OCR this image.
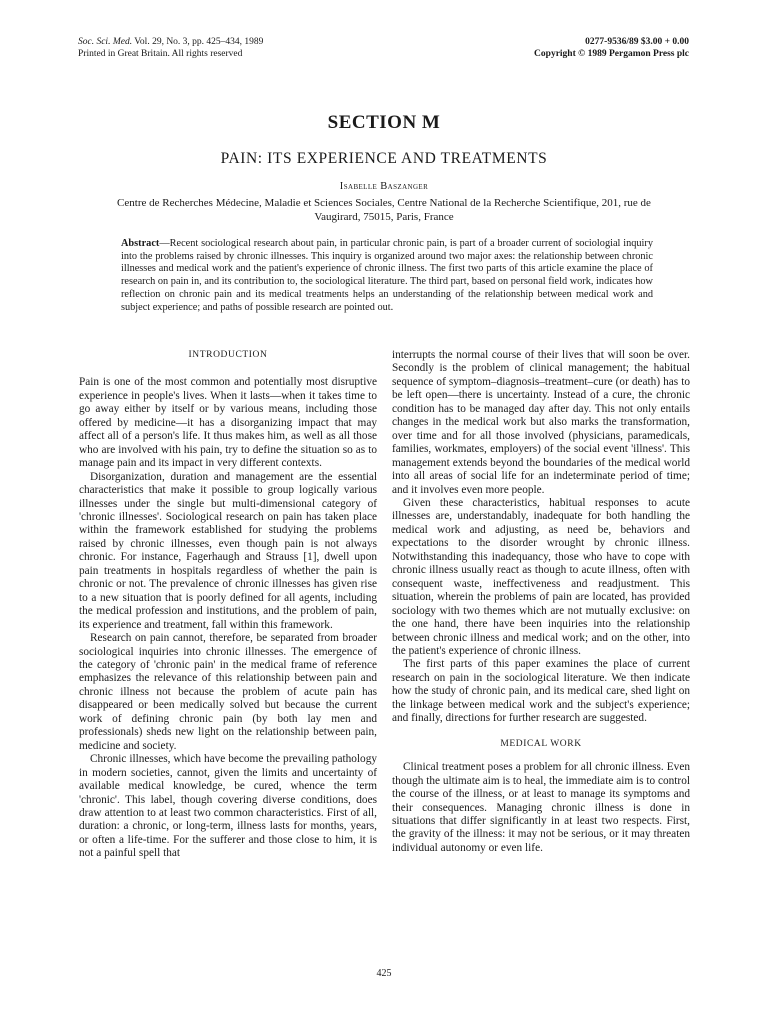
Soc. Sci. Med. Vol. 29, No. 3, pp. 425–434, 1989
Printed in Great Britain. All rights reserved
0277-9536/89 $3.00 + 0.00
Copyright © 1989 Pergamon Press plc
SECTION M
PAIN: ITS EXPERIENCE AND TREATMENTS
Isabelle Baszanger
Centre de Recherches Médecine, Maladie et Sciences Sociales, Centre National de la Recherche Scientifique, 201, rue de Vaugirard, 75015, Paris, France
Abstract—Recent sociological research about pain, in particular chronic pain, is part of a broader current of sociologial inquiry into the problems raised by chronic illnesses. This inquiry is organized around two major axes: the relationship between chronic illnesses and medical work and the patient's experience of chronic illness. The first two parts of this article examine the place of research on pain in, and its contribution to, the sociological literature. The third part, based on personal field work, indicates how reflection on chronic pain and its medical treatments helps an understanding of the relationship between medical work and subject experience; and paths of possible research are pointed out.
INTRODUCTION

Pain is one of the most common and potentially most disruptive experience in people's lives. When it lasts—when it takes time to go away either by itself or by various means, including those offered by medicine—it has a disorganizing impact that may affect all of a person's life. It thus makes him, as well as all those who are involved with his pain, try to define the situation so as to manage pain and its impact in very different contexts.

Disorganization, duration and management are the essential characteristics that make it possible to group logically various illnesses under the single but multi-dimensional category of 'chronic illnesses'. Sociological research on pain has taken place within the framework established for studying the problems raised by chronic illnesses, even though pain is not always chronic. For instance, Fagerhaugh and Strauss [1], dwell upon pain treatments in hospitals regardless of whether the pain is chronic or not. The prevalence of chronic illnesses has given rise to a new situation that is poorly defined for all agents, including the medical profession and institutions, and the problem of pain, its experience and treatment, fall within this framework.

Research on pain cannot, therefore, be separated from broader sociological inquiries into chronic illnesses. The emergence of the category of 'chronic pain' in the medical frame of reference emphasizes the relevance of this relationship between pain and chronic illness not because the problem of acute pain has disappeared or been medically solved but because the current work of defining chronic pain (by both lay men and professionals) sheds new light on the relationship between pain, medicine and society.

Chronic illnesses, which have become the prevailing pathology in modern societies, cannot, given the limits and uncertainty of available medical knowledge, be cured, whence the term 'chronic'. This label, though covering diverse conditions, does draw attention to at least two common characteristics. First of all, duration: a chronic, or long-term, illness lasts for months, years, or often a life-time. For the sufferer and those close to him, it is not a painful spell that

interrupts the normal course of their lives that will soon be over. Secondly is the problem of clinical management; the habitual sequence of symptom–diagnosis–treatment–cure (or death) has to be left open—there is uncertainty. Instead of a cure, the chronic condition has to be managed day after day. This not only entails changes in the medical work but also marks the transformation, over time and for all those involved (physicians, paramedicals, families, workmates, employers) of the social event 'illness'. This management extends beyond the boundaries of the medical world into all areas of social life for an indeterminate period of time; and it involves even more people.

Given these characteristics, habitual responses to acute illnesses are, understandably, inadequate for both handling the medical work and adjusting, as need be, behaviors and expectations to the disorder wrought by chronic illness. Notwithstanding this inadequancy, those who have to cope with chronic illness usually react as though to acute illness, often with consequent waste, ineffectiveness and readjustment. This situation, wherein the problems of pain are located, has provided sociology with two themes which are not mutually exclusive: on the one hand, there have been inquiries into the relationship between chronic illness and medical work; and on the other, into the patient's experience of chronic illness.

The first parts of this paper examines the place of current research on pain in the sociological literature. We then indicate how the study of chronic pain, and its medical care, shed light on the linkage between medical work and the subject's experience; and finally, directions for further research are suggested.

MEDICAL WORK

Clinical treatment poses a problem for all chronic illness. Even though the ultimate aim is to heal, the immediate aim is to control the course of the illness, or at least to manage its symptoms and their consequences. Managing chronic illness is done in situations that differ significantly in at least two respects. First, the gravity of the illness: it may not be serious, or it may threaten individual autonomy or even life.

425
